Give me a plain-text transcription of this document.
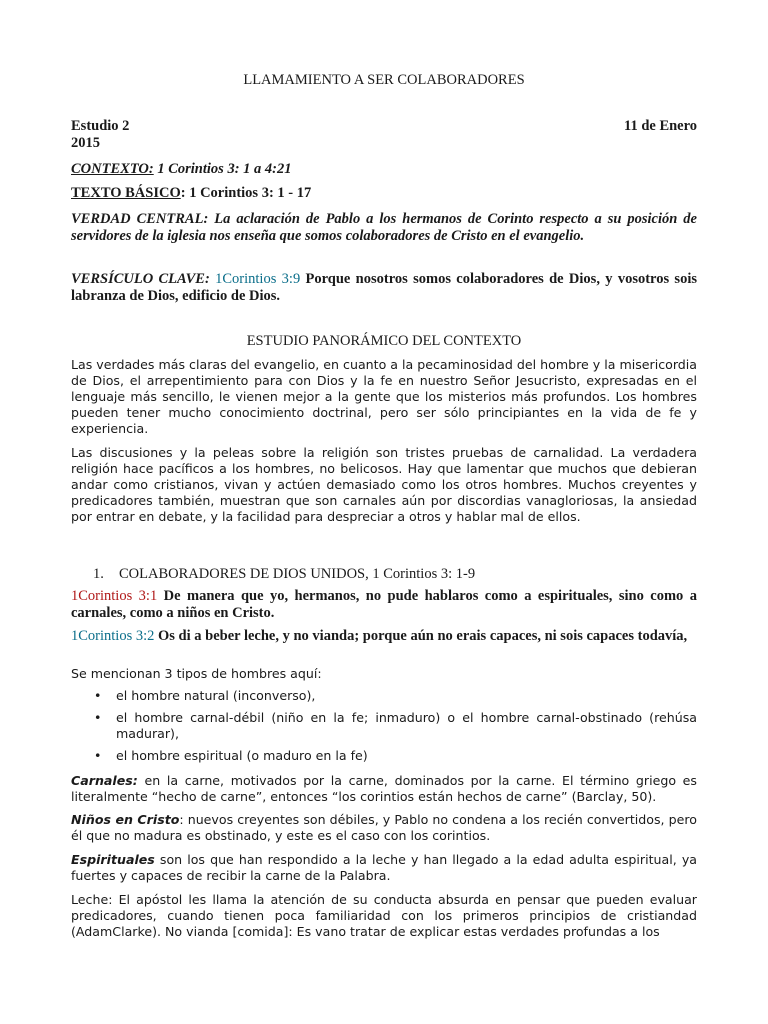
LLAMAMIENTO A SER COLABORADORES
Estudio 2	11 de Enero
2015
CONTEXTO: 1 Corintios 3: 1 a 4:21
TEXTO BÁSICO: 1 Corintios 3: 1 - 17
VERDAD CENTRAL: La aclaración de Pablo a los hermanos de Corinto respecto a su posición de servidores de la iglesia nos enseña que somos colaboradores de Cristo en el evangelio.
VERSÍCULO CLAVE: 1Corintios 3:9 Porque nosotros somos colaboradores de Dios, y vosotros sois labranza de Dios, edificio de Dios.
ESTUDIO PANORÁMICO DEL CONTEXTO
Las verdades más claras del evangelio, en cuanto a la pecaminosidad del hombre y la misericordia de Dios, el arrepentimiento para con Dios y la fe en nuestro Señor Jesucristo, expresadas en el lenguaje más sencillo, le vienen mejor a la gente que los misterios más profundos. Los hombres pueden tener mucho conocimiento doctrinal, pero ser sólo principiantes en la vida de fe y experiencia.
Las discusiones y la peleas sobre la religión son tristes pruebas de carnalidad. La verdadera religión hace pacíficos a los hombres, no belicosos. Hay que lamentar que muchos que debieran andar como cristianos, vivan y actúen demasiado como los otros hombres. Muchos creyentes y predicadores también, muestran que son carnales aún por discordias vanagloriosas, la ansiedad por entrar en debate, y la facilidad para despreciar a otros y hablar mal de ellos.
1. COLABORADORES DE DIOS UNIDOS, 1 Corintios 3: 1-9
1Corintios 3:1 De manera que yo, hermanos, no pude hablaros como a espirituales, sino como a carnales, como a niños en Cristo.
1Corintios 3:2 Os di a beber leche, y no vianda; porque aún no erais capaces, ni sois capaces todavía,
Se mencionan 3 tipos de hombres aquí:
• el hombre natural (inconverso),
• el hombre carnal-débil (niño en la fe; inmaduro) o el hombre carnal-obstinado (rehúsa madurar),
• el hombre espiritual (o maduro en la fe)
Carnales: en la carne, motivados por la carne, dominados por la carne. El término griego es literalmente “hecho de carne”, entonces “los corintios están hechos de carne” (Barclay, 50).
Niños en Cristo: nuevos creyentes son débiles, y Pablo no condena a los recién convertidos, pero él que no madura es obstinado, y este es el caso con los corintios.
Espirituales son los que han respondido a la leche y han llegado a la edad adulta espiritual, ya fuertes y capaces de recibir la carne de la Palabra.
Leche: El apóstol les llama la atención de su conducta absurda en pensar que pueden evaluar predicadores, cuando tienen poca familiaridad con los primeros principios de cristiandad (AdamClarke). No vianda [comida]: Es vano tratar de explicar estas verdades profundas a los
